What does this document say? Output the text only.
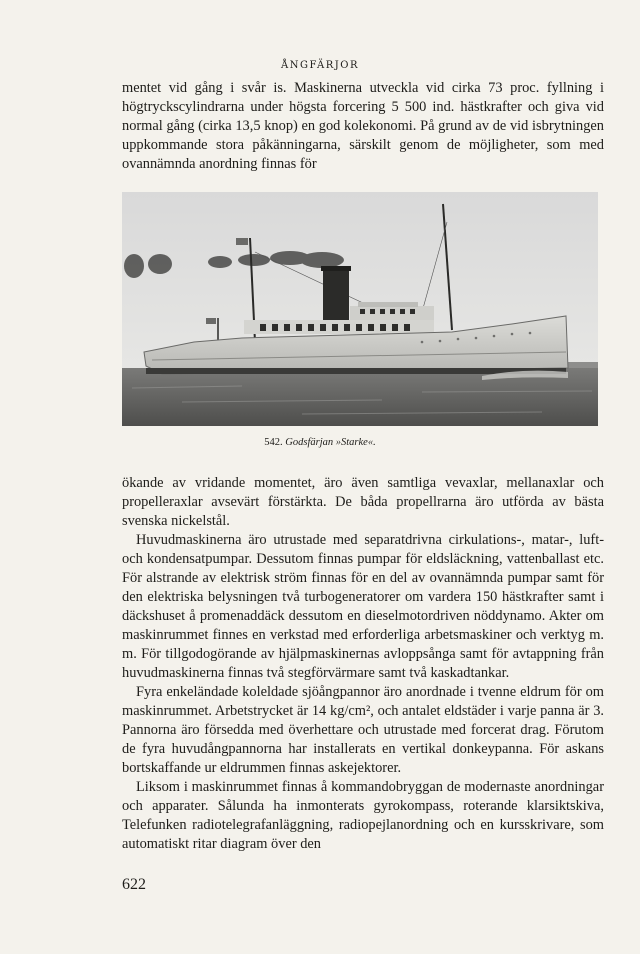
ÅNGFÄRJOR

mentet vid gång i svår is. Maskinerna utveckla vid cirka 73 proc. fyllning i högtryckscylindrarna under högsta forcering 5 500 ind. hästkrafter och giva vid normal gång (cirka 13,5 knop) en god kolekonomi. På grund av de vid isbrytningen uppkommande stora påkänningarna, särskilt genom de möjligheter, som med ovannämnda anordning finnas för

542. Godsfärjan »Starke«.

ökande av vridande momentet, äro även samtliga vevaxlar, mellanaxlar och propelleraxlar avsevärt förstärkta. De båda propellrarna äro utförda av bästa svenska nickelstål.

Huvudmaskinerna äro utrustade med separatdrivna cirkulations-, matar-, luft- och kondensatpumpar. Dessutom finnas pumpar för eldsläckning, vattenballast etc. För alstrande av elektrisk ström finnas för en del av ovannämnda pumpar samt för den elektriska belysningen två turbogeneratorer om vardera 150 hästkrafter samt i däckshuset å promenaddäck dessutom en dieselmotordriven nöddynamo. Akter om maskinrummet finnes en verkstad med erforderliga arbetsmaskiner och verktyg m. m. För tillgodogörande av hjälpmaskinernas avloppsånga samt för avtappning från huvudmaskinerna finnas två stegförvärmare samt två kaskadtankar.

Fyra enkeländade koleldade sjöångpannor äro anordnade i tvenne eldrum för om maskinrummet. Arbetstrycket är 14 kg/cm², och antalet eldstäder i varje panna är 3. Pannorna äro försedda med överhettare och utrustade med forcerat drag. Förutom de fyra huvudångpannorna har installerats en vertikal donkeypanna. För askans bortskaffande ur eldrummen finnas askejektorer.

Liksom i maskinrummet finnas å kommandobryggan de modernaste anordningar och apparater. Sålunda ha inmonterats gyrokompass, roterande klarsiktskiva, Telefunken radiotelegrafanläggning, radiopejlanordning och en kursskrivare, som automatiskt ritar diagram över den

622
